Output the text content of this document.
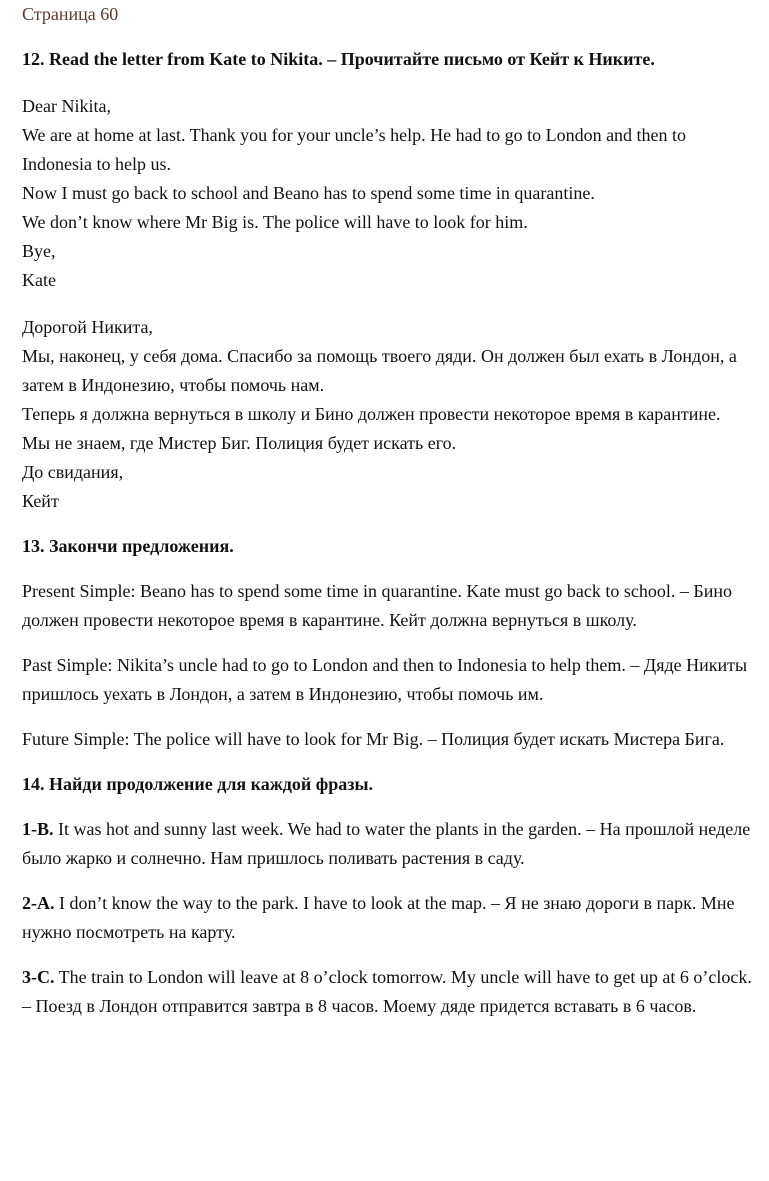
Страница 60
12. Read the letter from Kate to Nikita. – Прочитайте письмо от Кейт к Никите.
Dear Nikita,
We are at home at last. Thank you for your uncle’s help. He had to go to London and then to Indonesia to help us.
Now I must go back to school and Beano has to spend some time in quarantine.
We don’t know where Mr Big is. The police will have to look for him.
Bye,
Kate
Дорогой Никита,
Мы, наконец, у себя дома. Спасибо за помощь твоего дяди. Он должен был ехать в Лондон, а затем в Индонезию, чтобы помочь нам.
Теперь я должна вернуться в школу и Бино должен провести некоторое время в карантине.
Мы не знаем, где Мистер Биг. Полиция будет искать его.
До свидания,
Кейт
13. Закончи предложения.

Present Simple: Beano has to spend some time in quarantine. Kate must go back to school. – Бино должен провести некоторое время в карантине. Кейт должна вернуться в школу.

Past Simple: Nikita’s uncle had to go to London and then to Indonesia to help them. – Дяде Никиты пришлось уехать в Лондон, а затем в Индонезию, чтобы помочь им.

Future Simple: The police will have to look for Mr Big. – Полиция будет искать Мистера Бига.

14. Найди продолжение для каждой фразы.

1-B. It was hot and sunny last week. We had to water the plants in the garden. – На прошлой неделе было жарко и солнечно. Нам пришлось поливать растения в саду.

2-A. I don’t know the way to the park. I have to look at the map. – Я не знаю дороги в парк. Мне нужно посмотреть на карту.

3-C. The train to London will leave at 8 o’clock tomorrow. My uncle will have to get up at 6 o’clock. – Поезд в Лондон отправится завтра в 8 часов. Моему дяде придется вставать в 6 часов.
